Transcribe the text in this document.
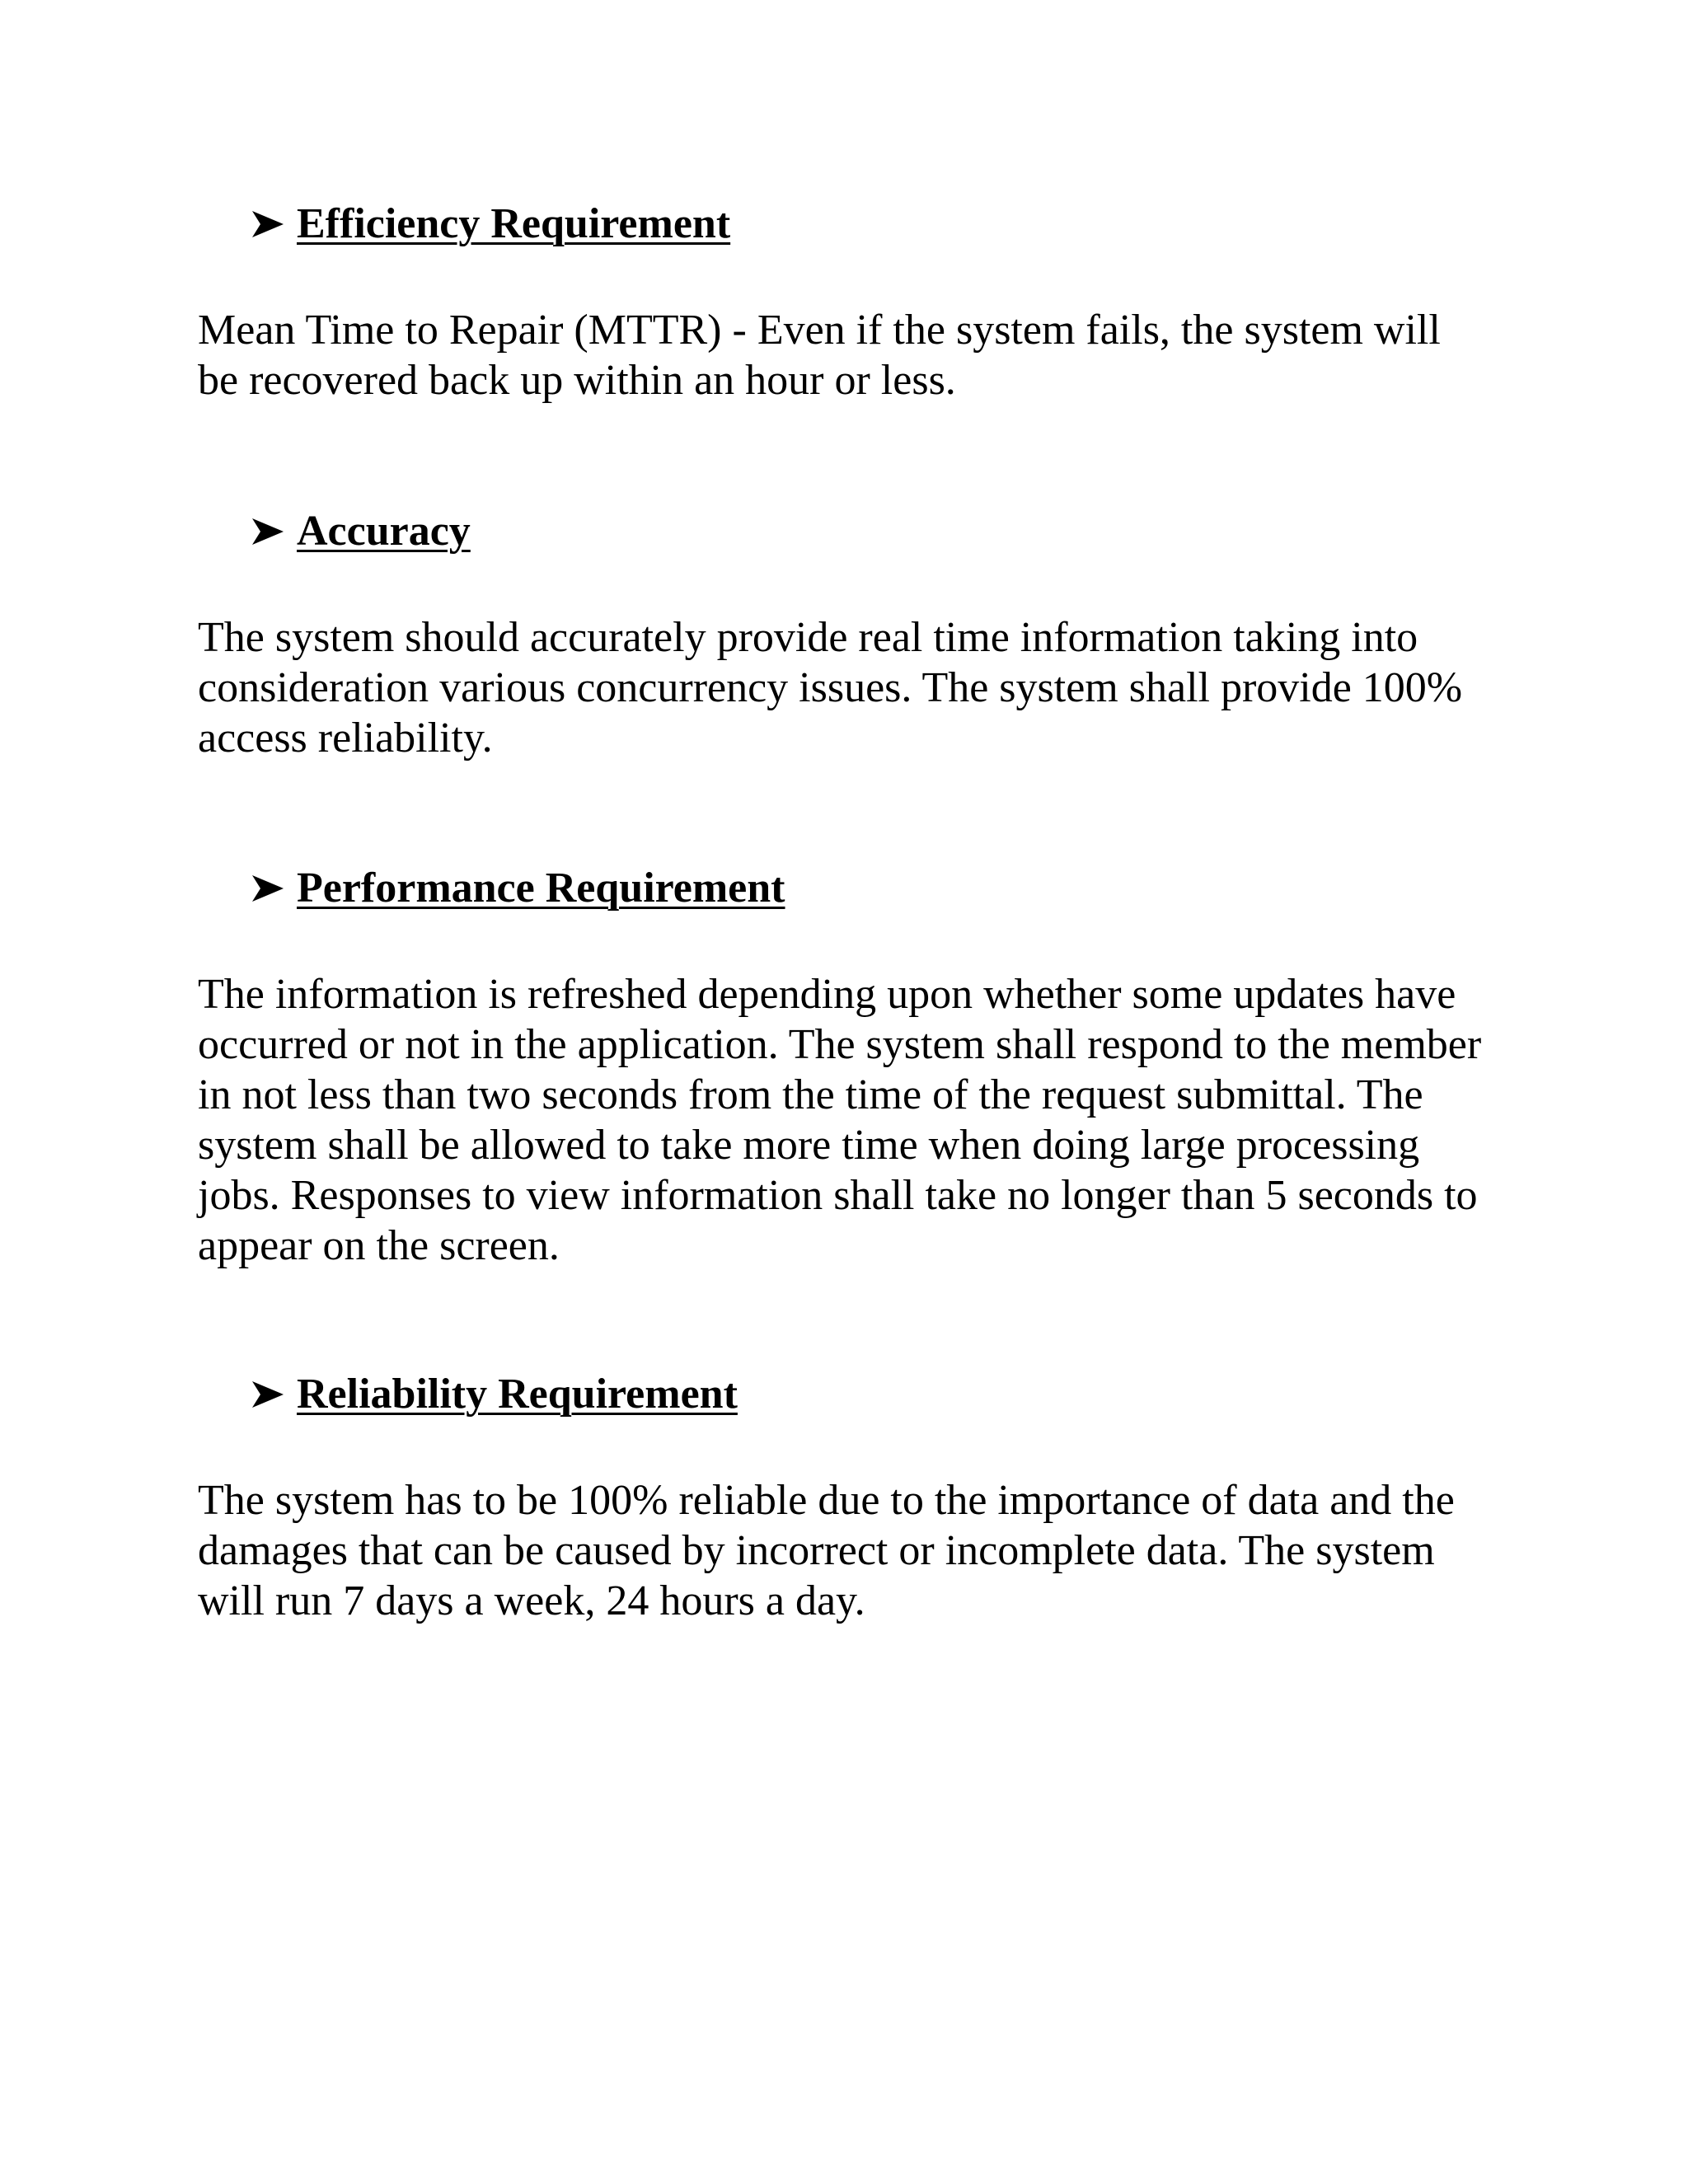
Efficiency Requirement

Mean Time to Repair (MTTR) - Even if the system fails, the system will be recovered back up within an hour or less.

Accuracy

The system should accurately provide real time information taking into consideration various concurrency issues. The system shall provide 100% access reliability.

Performance Requirement

The information is refreshed depending upon whether some updates have occurred or not in the application. The system shall respond to the member in not less than two seconds from the time of the request submittal. The system shall be allowed to take more time when doing large processing jobs. Responses to view information shall take no longer than 5 seconds to appear on the screen.

Reliability Requirement

The system has to be 100% reliable due to the importance of data and the damages that can be caused by incorrect or incomplete data. The system will run 7 days a week, 24 hours a day.
